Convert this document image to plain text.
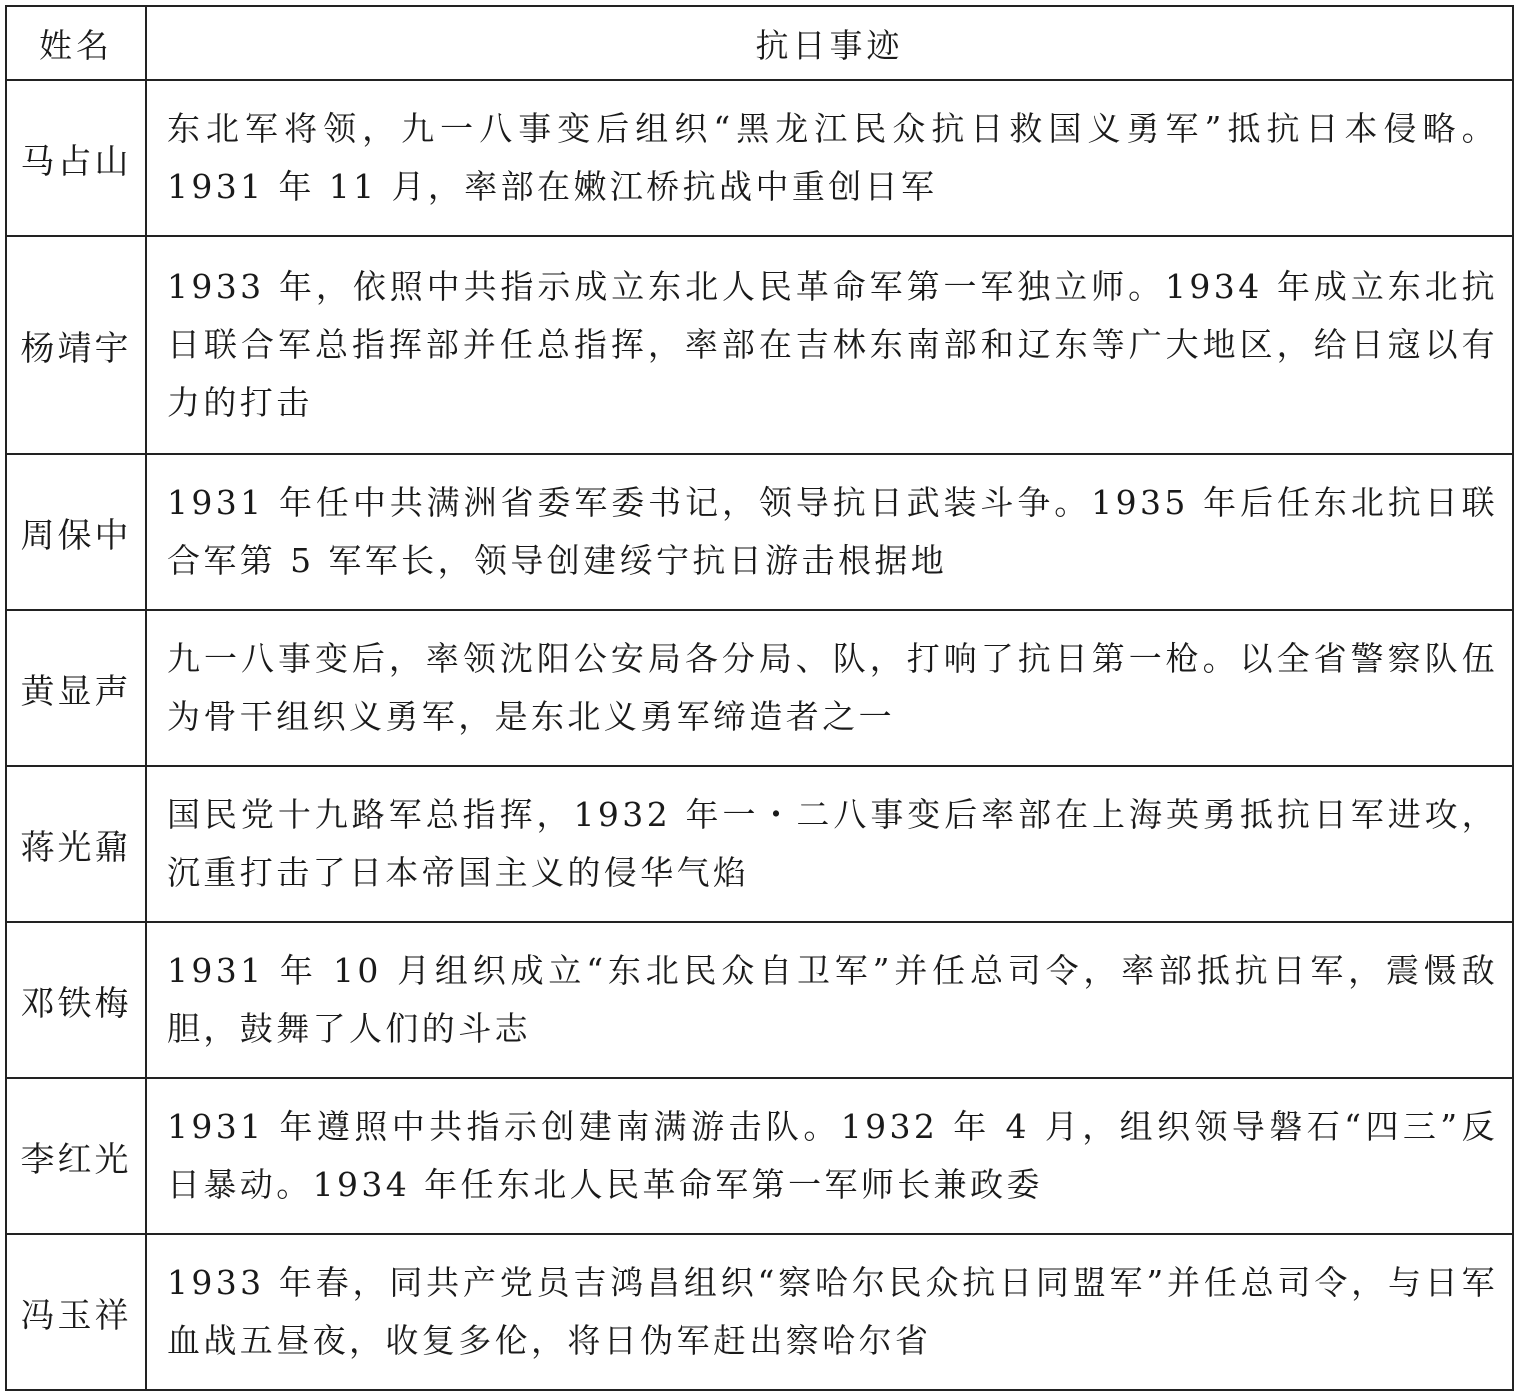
姓名	抗日事迹
马占山	东北军将领，九一八事变后组织“黑龙江民众抗日救国义勇军”抵抗日本侵略。1931 年 11 月，率部在嫩江桥抗战中重创日军
杨靖宇	1933 年，依照中共指示成立东北人民革命军第一军独立师。1934 年成立东北抗日联合军总指挥部并任总指挥，率部在吉林东南部和辽东等广大地区，给日寇以有力的打击
周保中	1931 年任中共满洲省委军委书记，领导抗日武装斗争。1935 年后任东北抗日联合军第 5 军军长，领导创建绥宁抗日游击根据地
黄显声	九一八事变后，率领沈阳公安局各分局、队，打响了抗日第一枪。以全省警察队伍为骨干组织义勇军，是东北义勇军缔造者之一
蒋光鼐	国民党十九路军总指挥，1932 年一・二八事变后率部在上海英勇抵抗日军进攻，沉重打击了日本帝国主义的侵华气焰
邓铁梅	1931 年 10 月组织成立“东北民众自卫军”并任总司令，率部抵抗日军，震慑敌胆，鼓舞了人们的斗志
李红光	1931 年遵照中共指示创建南满游击队。1932 年 4 月，组织领导磐石“四三”反日暴动。1934 年任东北人民革命军第一军师长兼政委
冯玉祥	1933 年春，同共产党员吉鸿昌组织“察哈尔民众抗日同盟军”并任总司令，与日军血战五昼夜，收复多伦，将日伪军赶出察哈尔省
